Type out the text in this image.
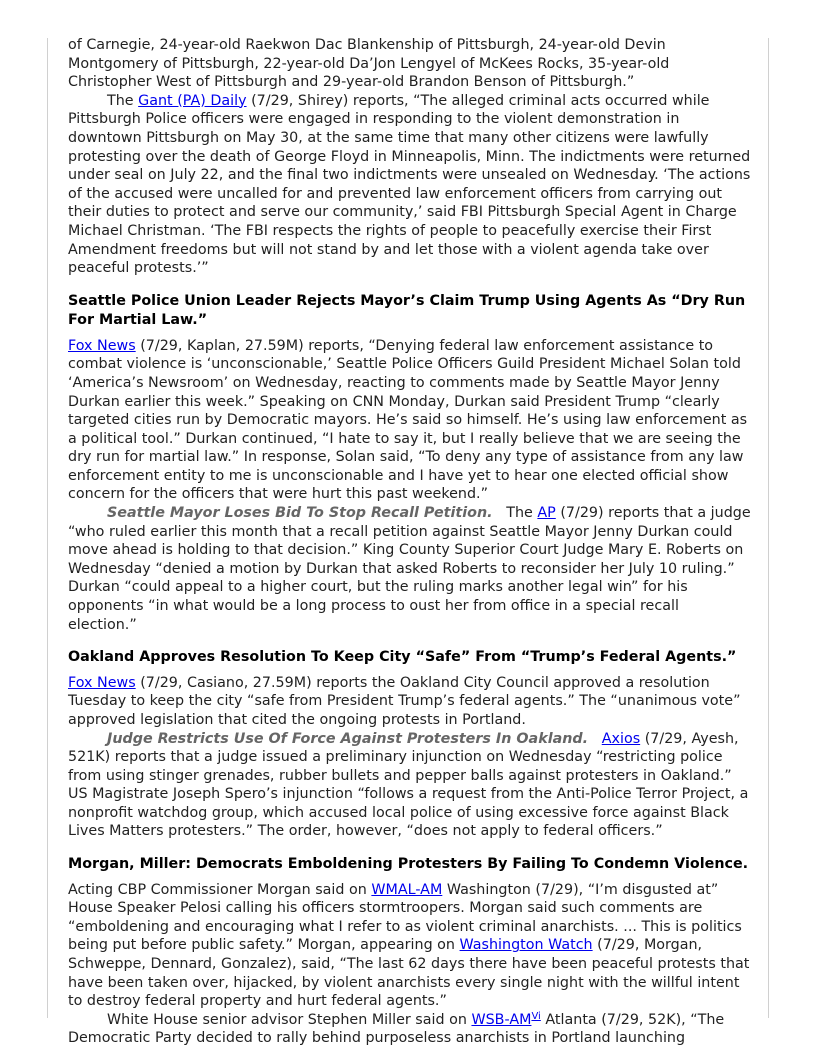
of Carnegie, 24-year-old Raekwon Dac Blankenship of Pittsburgh, 24-year-old Devin Montgomery of Pittsburgh, 22-year-old Da’Jon Lengyel of McKees Rocks, 35-year-old Christopher West of Pittsburgh and 29-year-old Brandon Benson of Pittsburgh.”

The Gant (PA) Daily (7/29, Shirey) reports, “The alleged criminal acts occurred while Pittsburgh Police officers were engaged in responding to the violent demonstration in downtown Pittsburgh on May 30, at the same time that many other citizens were lawfully protesting over the death of George Floyd in Minneapolis, Minn. The indictments were returned under seal on July 22, and the final two indictments were unsealed on Wednesday. ‘The actions of the accused were uncalled for and prevented law enforcement officers from carrying out their duties to protect and serve our community,’ said FBI Pittsburgh Special Agent in Charge Michael Christman. ‘The FBI respects the rights of people to peacefully exercise their First Amendment freedoms but will not stand by and let those with a violent agenda take over peaceful protests.’”

Seattle Police Union Leader Rejects Mayor’s Claim Trump Using Agents As “Dry Run For Martial Law.”

Fox News (7/29, Kaplan, 27.59M) reports, “Denying federal law enforcement assistance to combat violence is ‘unconscionable,’ Seattle Police Officers Guild President Michael Solan told ‘America’s Newsroom’ on Wednesday, reacting to comments made by Seattle Mayor Jenny Durkan earlier this week.” Speaking on CNN Monday, Durkan said President Trump “clearly targeted cities run by Democratic mayors. He’s said so himself. He’s using law enforcement as a political tool.” Durkan continued, “I hate to say it, but I really believe that we are seeing the dry run for martial law.” In response, Solan said, “To deny any type of assistance from any law enforcement entity to me is unconscionable and I have yet to hear one elected official show concern for the officers that were hurt this past weekend.”

Seattle Mayor Loses Bid To Stop Recall Petition.   The AP (7/29) reports that a judge “who ruled earlier this month that a recall petition against Seattle Mayor Jenny Durkan could move ahead is holding to that decision.” King County Superior Court Judge Mary E. Roberts on Wednesday “denied a motion by Durkan that asked Roberts to reconsider her July 10 ruling.” Durkan “could appeal to a higher court, but the ruling marks another legal win” for his opponents “in what would be a long process to oust her from office in a special recall election.”

Oakland Approves Resolution To Keep City “Safe” From “Trump’s Federal Agents.”

Fox News (7/29, Casiano, 27.59M) reports the Oakland City Council approved a resolution Tuesday to keep the city “safe from President Trump’s federal agents.” The “unanimous vote” approved legislation that cited the ongoing protests in Portland.

Judge Restricts Use Of Force Against Protesters In Oakland. Axios (7/29, Ayesh, 521K) reports that a judge issued a preliminary injunction on Wednesday “restricting police from using stinger grenades, rubber bullets and pepper balls against protesters in Oakland.” US Magistrate Joseph Spero’s injunction “follows a request from the Anti-Police Terror Project, a nonprofit watchdog group, which accused local police of using excessive force against Black Lives Matters protesters.” The order, however, “does not apply to federal officers.”

Morgan, Miller: Democrats Emboldening Protesters By Failing To Condemn Violence.

Acting CBP Commissioner Morgan said on WMAL-AM Washington (7/29), “I’m disgusted at” House Speaker Pelosi calling his officers stormtroopers. Morgan said such comments are “emboldening and encouraging what I refer to as violent criminal anarchists. ... This is politics being put before public safety.” Morgan, appearing on Washington Watch (7/29, Morgan, Schweppe, Dennard, Gonzalez), said, “The last 62 days there have been peaceful protests that have been taken over, hijacked, by violent anarchists every single night with the willful intent to destroy federal property and hurt federal agents.”

White House senior advisor Stephen Miller said on WSB-AM$^{Vi}$ Atlanta (7/29, 52K), “The Democratic Party decided to rally behind purposeless anarchists in Portland launching
